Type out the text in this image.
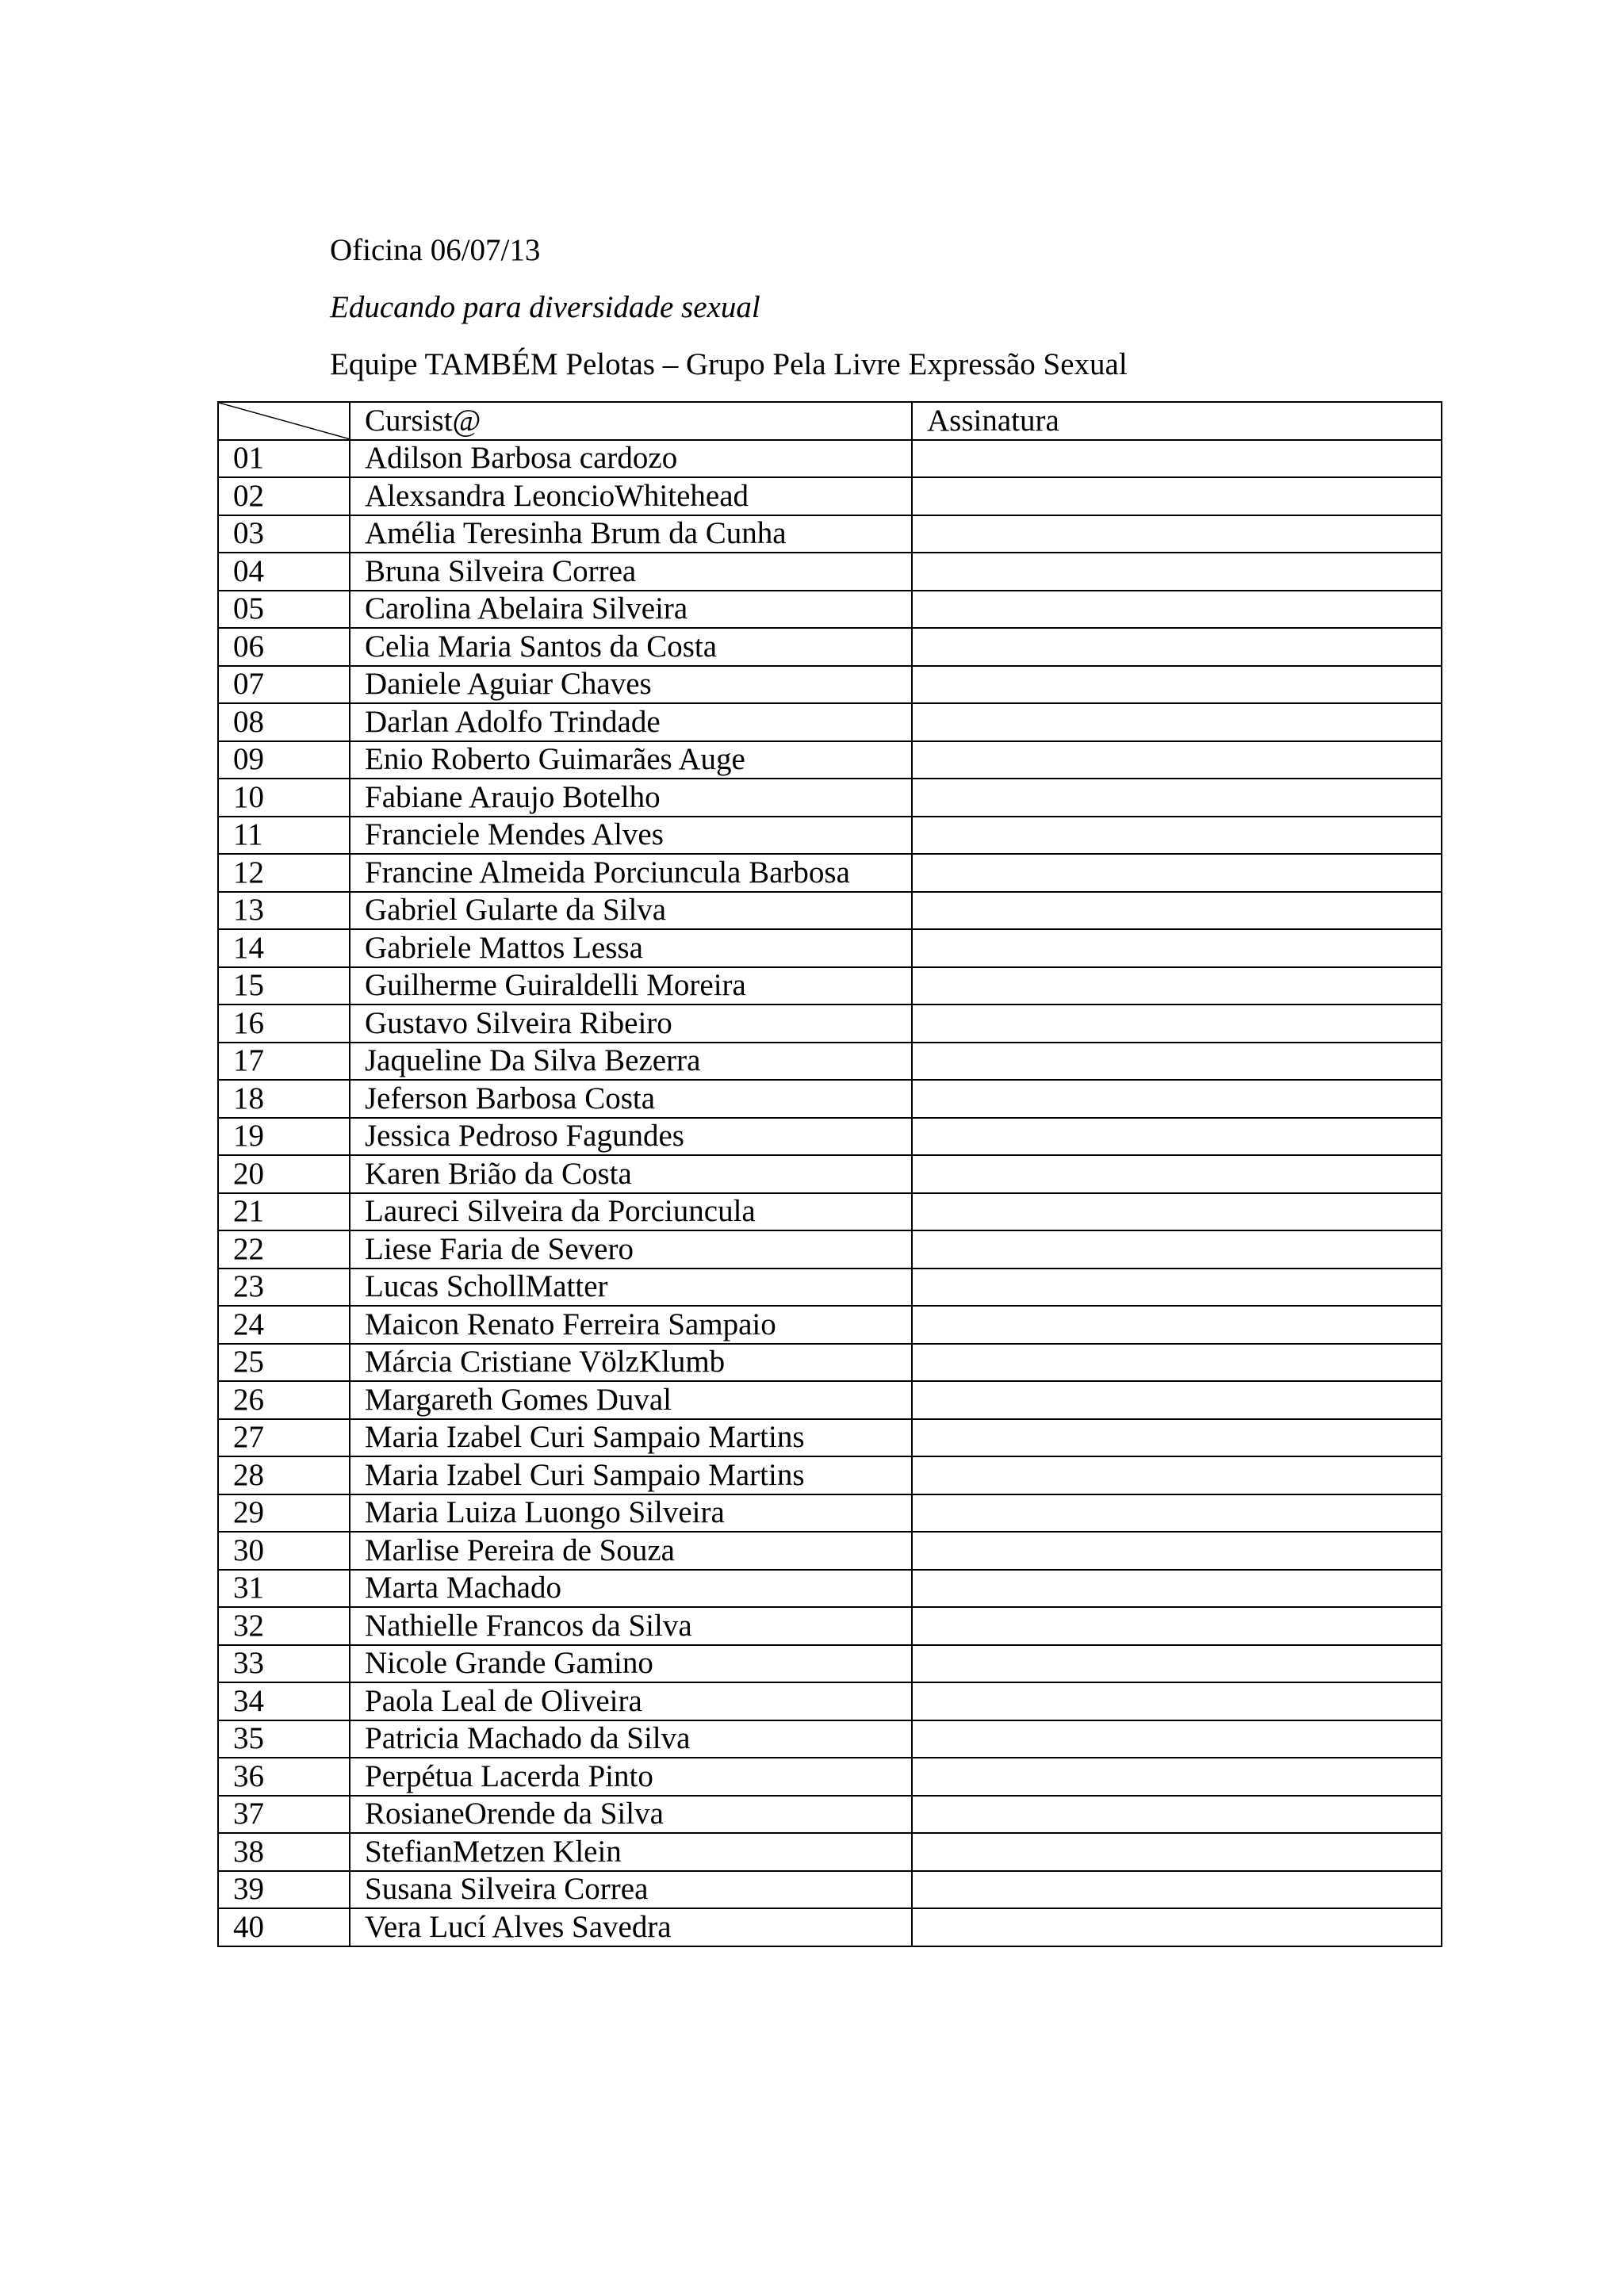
Oficina 06/07/13
Educando para diversidade sexual
Equipe TAMBÉM Pelotas – Grupo Pela Livre Expressão Sexual
	Cursist@	Assinatura
01	Adilson Barbosa cardozo	
02	Alexsandra LeoncioWhitehead	
03	Amélia Teresinha Brum da Cunha	
04	Bruna Silveira Correa	
05	Carolina Abelaira Silveira	
06	Celia Maria Santos da Costa	
07	Daniele Aguiar Chaves	
08	Darlan Adolfo Trindade	
09	Enio Roberto Guimarães Auge	
10	Fabiane Araujo Botelho	
11	Franciele Mendes Alves	
12	Francine Almeida Porciuncula Barbosa	
13	Gabriel Gularte da Silva	
14	Gabriele Mattos Lessa	
15	Guilherme Guiraldelli Moreira	
16	Gustavo Silveira Ribeiro	
17	Jaqueline Da Silva Bezerra	
18	Jeferson Barbosa Costa	
19	Jessica Pedroso Fagundes	
20	Karen Brião da Costa	
21	Laureci Silveira da Porciuncula	
22	Liese Faria de Severo	
23	Lucas SchollMatter	
24	Maicon Renato Ferreira Sampaio	
25	Márcia Cristiane VölzKlumb	
26	Margareth Gomes Duval	
27	Maria Izabel Curi Sampaio Martins	
28	Maria Izabel Curi Sampaio Martins	
29	Maria Luiza Luongo Silveira	
30	Marlise Pereira de Souza	
31	Marta Machado	
32	Nathielle Francos da Silva	
33	Nicole Grande Gamino	
34	Paola Leal de Oliveira	
35	Patricia Machado da Silva	
36	Perpétua Lacerda Pinto	
37	RosianeOrende da Silva	
38	StefianMetzen Klein	
39	Susana Silveira Correa	
40	Vera Lucí Alves Savedra	
